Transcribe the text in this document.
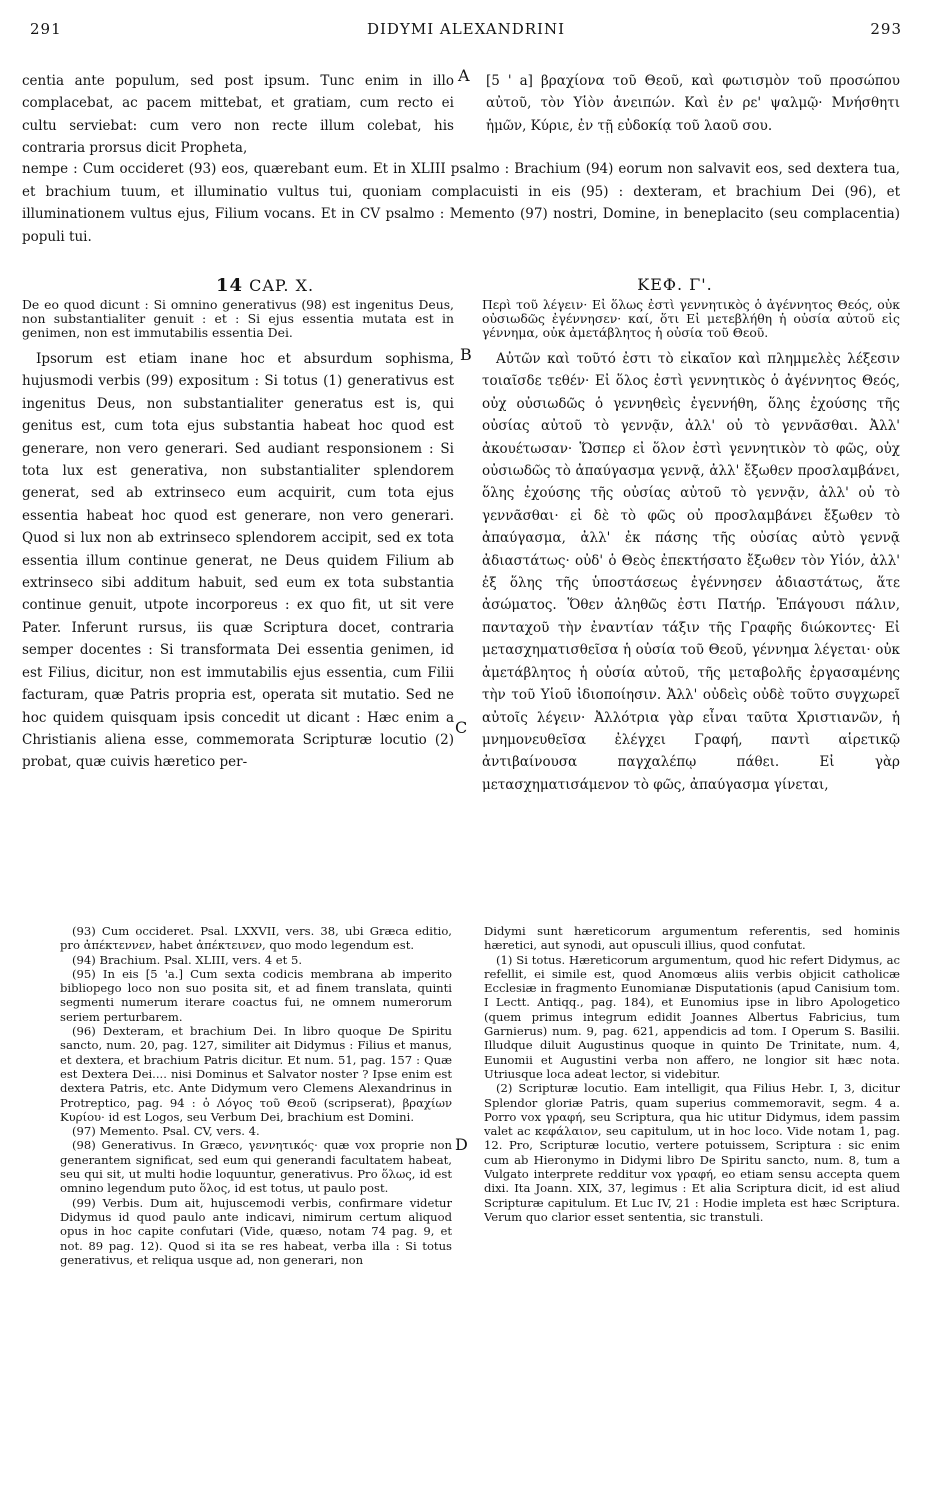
291	DIDYMI ALEXANDRINI	293

centia ante populum, sed post ipsum. Tunc enim in illo complacebat, ac pacem mittebat, et gratiam, cum recto ei cultu serviebat: cum vero non recte illum colebat, his contraria prorsus dicit Propheta,

A [5 ' a] βραχίονα τοῦ Θεοῦ, καὶ φωτισμὸν τοῦ προσώπου αὐτοῦ, τὸν Υἱὸν ἀνειπών. Καὶ ἐν ρε' ψαλμῷ· Μνήσθητι ἡμῶν, Κύριε, ἐν τῇ εὐδοκίᾳ τοῦ λαοῦ σου.

nempe : Cum occideret (93) eos, quærebant eum. Et in XLIII psalmo : Brachium (94) eorum non salvavit eos, sed dextera tua, et brachium tuum, et illuminatio vultus tui, quoniam complacuisti in eis (95) : dexteram, et brachium Dei (96), et illuminationem vultus ejus, Filium vocans. Et in CV psalmo : Memento (97) nostri, Domine, in beneplacito (seu complacentia) populi tui.

14 CAP. X.	ΚΕΦ. Γ'.

De eo quod dicunt : Si omnino generativus (98) est ingenitus Deus, non substantialiter genuit : et : Si ejus essentia mutata est in genimen, non est immutabilis essentia Dei.

Περὶ τοῦ λέγειν· Εἰ ὅλως ἐστὶ γεννητικὸς ὁ ἀγέννητος Θεός, οὐκ οὐσιωδῶς ἐγέννησεν· καί, ὅτι Εἰ μετεβλήθη ἡ οὐσία αὐτοῦ εἰς γέννημα, οὐκ ἀμετάβλητος ἡ οὐσία τοῦ Θεοῦ.

B
C

Ipsorum est etiam inane hoc et absurdum sophisma, hujusmodi verbis (99) expositum : Si totus (1) generativus est ingenitus Deus, non substantialiter generatus est is, qui genitus est, cum tota ejus substantia habeat hoc quod est generare, non vero generari. Sed audiant responsionem : Si tota lux est generativa, non substantialiter splendorem generat, sed ab extrinseco eum acquirit, cum tota ejus essentia habeat hoc quod est generare, non vero generari. Quod si lux non ab extrinseco splendorem accipit, sed ex tota essentia illum continue generat, ne Deus quidem Filium ab extrinseco sibi additum habuit, sed eum ex tota substantia continue genuit, utpote incorporeus : ex quo fit, ut sit vere Pater. Inferunt rursus, iis quæ Scriptura docet, contraria semper docentes : Si transformata Dei essentia genimen, id est Filius, dicitur, non est immutabilis ejus essentia, cum Filii facturam, quæ Patris propria est, operata sit mutatio. Sed ne hoc quidem quisquam ipsis concedit ut dicant : Hæc enim a Christianis aliena esse, commemorata Scripturæ locutio (2) probat, quæ cuivis hæretico per-

Αὐτῶν καὶ τοῦτό ἐστι τὸ εἰκαῖον καὶ πλημμελὲς λέξεσιν τοιαῖσδε τεθέν· Εἰ ὅλος ἐστὶ γεννητικὸς ὁ ἀγέννητος Θεός, οὐχ οὐσιωδῶς ὁ γεννηθεὶς ἐγεννήθη, ὅλης ἐχούσης τῆς οὐσίας αὐτοῦ τὸ γεννᾷν, ἀλλ' οὐ τὸ γεννᾶσθαι. Ἀλλ' ἀκουέτωσαν· Ὥσπερ εἰ ὅλον ἐστὶ γεννητικὸν τὸ φῶς, οὐχ οὐσιωδῶς τὸ ἀπαύγασμα γεννᾷ, ἀλλ' ἔξωθεν προσλαμβάνει, ὅλης ἐχούσης τῆς οὐσίας αὐτοῦ τὸ γεννᾷν, ἀλλ' οὐ τὸ γεννᾶσθαι· εἰ δὲ τὸ φῶς οὐ προσλαμβάνει ἔξωθεν τὸ ἀπαύγασμα, ἀλλ' ἐκ πάσης τῆς οὐσίας αὐτὸ γεννᾷ ἀδιαστάτως· οὐδ' ὁ Θεὸς ἐπεκτήσατο ἔξωθεν τὸν Υἱόν, ἀλλ' ἐξ ὅλης τῆς ὑποστάσεως ἐγέννησεν ἀδιαστάτως, ἅτε ἀσώματος. Ὅθεν ἀληθῶς ἐστι Πατήρ. Ἐπάγουσι πάλιν, πανταχοῦ τὴν ἐναντίαν τάξιν τῆς Γραφῆς διώκοντες· Εἰ μετασχηματισθεῖσα ἡ οὐσία τοῦ Θεοῦ, γέννημα λέγεται· οὐκ ἀμετάβλητος ἡ οὐσία αὐτοῦ, τῆς μεταβολῆς ἐργασαμένης τὴν τοῦ Υἱοῦ ἰδιοποίησιν. Ἀλλ' οὐδεὶς οὐδὲ τοῦτο συγχωρεῖ αὐτοῖς λέγειν· Ἀλλότρια γὰρ εἶναι ταῦτα Χριστιανῶν, ἡ μνημονευθεῖσα ἐλέγχει Γραφή, παντὶ αἱρετικῷ ἀντιβαίνουσα παγχαλέπῳ πάθει. Εἰ γὰρ μετασχηματισάμενον τὸ φῶς, ἀπαύγασμα γίνεται,

(93) Cum occideret. Psal. LXXVII, vers. 38, ubi Græca editio, pro ἀπέκτεννεν, habet ἀπέκτεινεν, quo modo legendum est.

(94) Brachium. Psal. XLIII, vers. 4 et 5.

(95) In eis [5 'a.] Cum sexta codicis membrana ab imperito bibliopego loco non suo posita sit, et ad finem translata, quinti segmenti numerum iterare coactus fui, ne omnem numerorum seriem perturbarem.

(96) Dexteram, et brachium Dei. In libro quoque De Spiritu sancto, num. 20, pag. 127, similiter ait Didymus : Filius et manus, et dextera, et brachium Patris dicitur. Et num. 51, pag. 157 : Quæ est Dextera Dei.... nisi Dominus et Salvator noster ? Ipse enim est dextera Patris, etc. Ante Didymum vero Clemens Alexandrinus in Protreptico, pag. 94 : ὁ Λόγος τοῦ Θεοῦ (scripserat), βραχίων Κυρίου· id est Logos, seu Verbum Dei, brachium est Domini.

(97) Memento. Psal. CV, vers. 4.

(98) Generativus. In Græco, γεννητικός· quæ vox proprie non generantem significat, sed eum qui generandi facultatem habeat, seu qui sit, ut multi hodie loquuntur, generativus. Pro ὅλως, id est omnino legendum puto ὅλος, id est totus, ut paulo post.

(99) Verbis. Dum ait, hujuscemodi verbis, confirmare videtur Didymus id quod paulo ante indicavi, nimirum certum aliquod opus in hoc capite confutari (Vide, quæso, notam 74 pag. 9, et not. 89 pag. 12). Quod si ita se res habeat, verba illa : Si totus generativus, et reliqua usque ad, non generari, non

D

Didymi sunt hæreticorum argumentum referentis, sed hominis hæretici, aut synodi, aut opusculi illius, quod confutat.

(1) Si totus. Hæreticorum argumentum, quod hic refert Didymus, ac refellit, ei simile est, quod Anomœus aliis verbis objicit catholicæ Ecclesiæ in fragmento Eunomianæ Disputationis (apud Canisium tom. I Lectt. Antiqq., pag. 184), et Eunomius ipse in libro Apologetico (quem primus integrum edidit Joannes Albertus Fabricius, tum Garnierus) num. 9, pag. 621, appendicis ad tom. I Operum S. Basilii. Illudque diluit Augustinus quoque in quinto De Trinitate, num. 4, Eunomii et Augustini verba non affero, ne longior sit hæc nota. Utriusque loca adeat lector, si videbitur.

(2) Scripturæ locutio. Eam intelligit, qua Filius Hebr. I, 3, dicitur Splendor gloriæ Patris, quam superius commemoravit, segm. 4 a. Porro vox γραφή, seu Scriptura, qua hic utitur Didymus, idem passim valet ac κεφάλαιον, seu capitulum, ut in hoc loco. Vide notam 1, pag. 12. Pro, Scripturæ locutio, vertere potuissem, Scriptura : sic enim cum ab Hieronymo in Didymi libro De Spiritu sancto, num. 8, tum a Vulgato interprete redditur vox γραφή, eo etiam sensu accepta quem dixi. Ita Joann. XIX, 37, legimus : Et alia Scriptura dicit, id est aliud Scripturæ capitulum. Et Luc IV, 21 : Hodie impleta est hæc Scriptura. Verum quo clarior esset sententia, sic transtuli.
